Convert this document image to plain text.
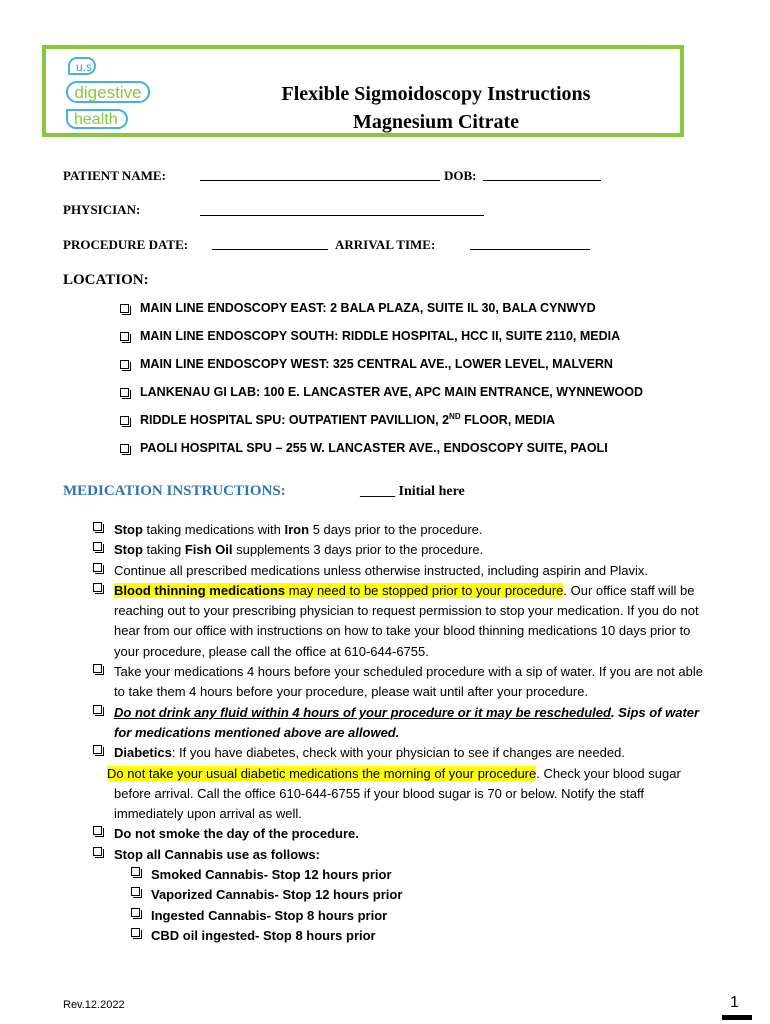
u.s.
digestive
health
Flexible Sigmoidoscopy Instructions
Magnesium Citrate
PATIENT NAME:	DOB:
PHYSICIAN:
PROCEDURE DATE:	ARRIVAL TIME:
LOCATION:
MAIN LINE ENDOSCOPY EAST: 2 BALA PLAZA, SUITE IL 30, BALA CYNWYD
MAIN LINE ENDOSCOPY SOUTH: RIDDLE HOSPITAL, HCC II, SUITE 2110, MEDIA
MAIN LINE ENDOSCOPY WEST: 325 CENTRAL AVE., LOWER LEVEL, MALVERN
LANKENAU GI LAB: 100 E. LANCASTER AVE, APC MAIN ENTRANCE, WYNNEWOOD
RIDDLE HOSPITAL SPU: OUTPATIENT PAVILLION, 2ND FLOOR, MEDIA
PAOLI HOSPITAL SPU – 255 W. LANCASTER AVE., ENDOSCOPY SUITE, PAOLI
MEDICATION INSTRUCTIONS:	_____ Initial here
Stop taking medications with Iron 5 days prior to the procedure.
Stop taking Fish Oil supplements 3 days prior to the procedure.
Continue all prescribed medications unless otherwise instructed, including aspirin and Plavix.
Blood thinning medications may need to be stopped prior to your procedure. Our office staff will be reaching out to your prescribing physician to request permission to stop your medication. If you do not hear from our office with instructions on how to take your blood thinning medications 10 days prior to your procedure, please call the office at 610-644-6755.
Take your medications 4 hours before your scheduled procedure with a sip of water. If you are not able to take them 4 hours before your procedure, please wait until after your procedure.
Do not drink any fluid within 4 hours of your procedure or it may be rescheduled. Sips of water for medications mentioned above are allowed.
Diabetics: If you have diabetes, check with your physician to see if changes are needed.
Do not take your usual diabetic medications the morning of your procedure. Check your blood sugar before arrival. Call the office 610-644-6755 if your blood sugar is 70 or below. Notify the staff immediately upon arrival as well.
Do not smoke the day of the procedure.
Stop all Cannabis use as follows:
Smoked Cannabis- Stop 12 hours prior
Vaporized Cannabis- Stop 12 hours prior
Ingested Cannabis- Stop 8 hours prior
CBD oil ingested- Stop 8 hours prior
Rev.12.2022	1
